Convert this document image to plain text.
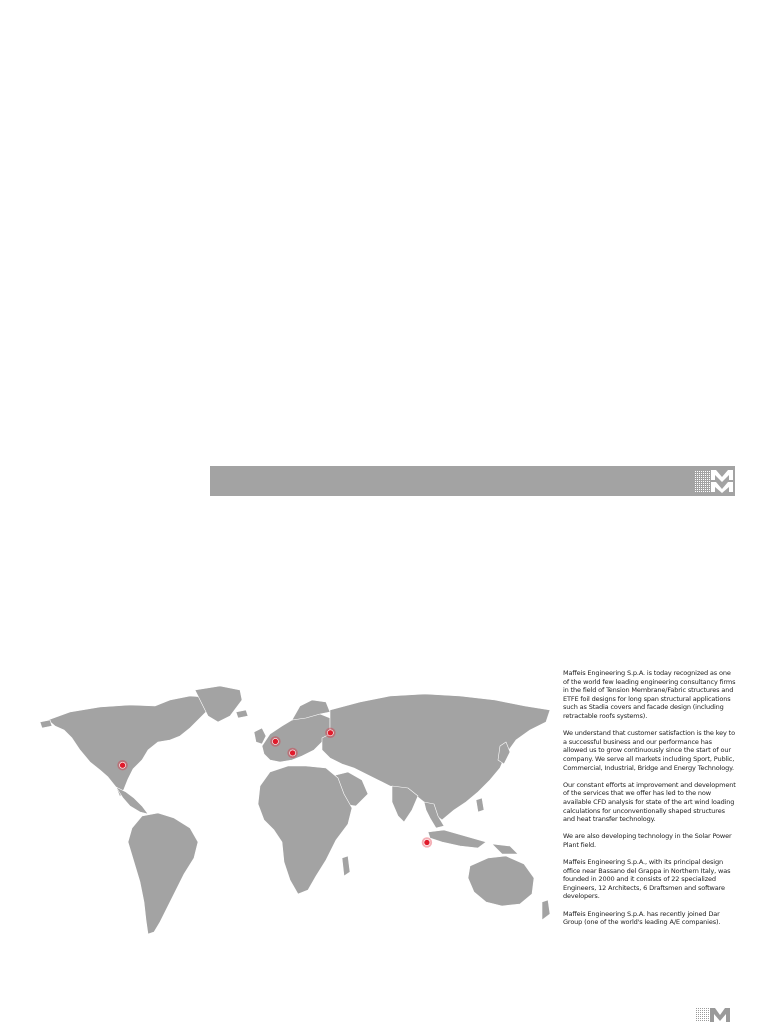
Maffeis Engineering S.p.A. is today recognized as one of the world few leading engineering consultancy firms in the field of Tension Membrane/Fabric structures and ETFE foil designs for long span structural applications such as Stadia covers and facade design (including retractable roofs systems).

We understand that customer satisfaction is the key to a successful business and our performance has allowed us to grow continuously since the start of our company. We serve all markets including Sport, Public, Commercial, Industrial, Bridge and Energy Technology.

Our constant efforts at improvement and development of the services that we offer has led to the now available CFD analysis for state of the art wind loading calculations for unconventionally shaped structures and heat transfer technology.

We are also developing technology in the Solar Power Plant field.

Maffeis Engineering S.p.A., with its principal design office near Bassano del Grappa in Northern Italy, was founded in 2000 and it consists of 22 specialized Engineers, 12 Architects, 6 Draftsmen and software developers.

Maffeis Engineering S.p.A. has recently joined Dar Group (one of the world's leading A/E companies).
